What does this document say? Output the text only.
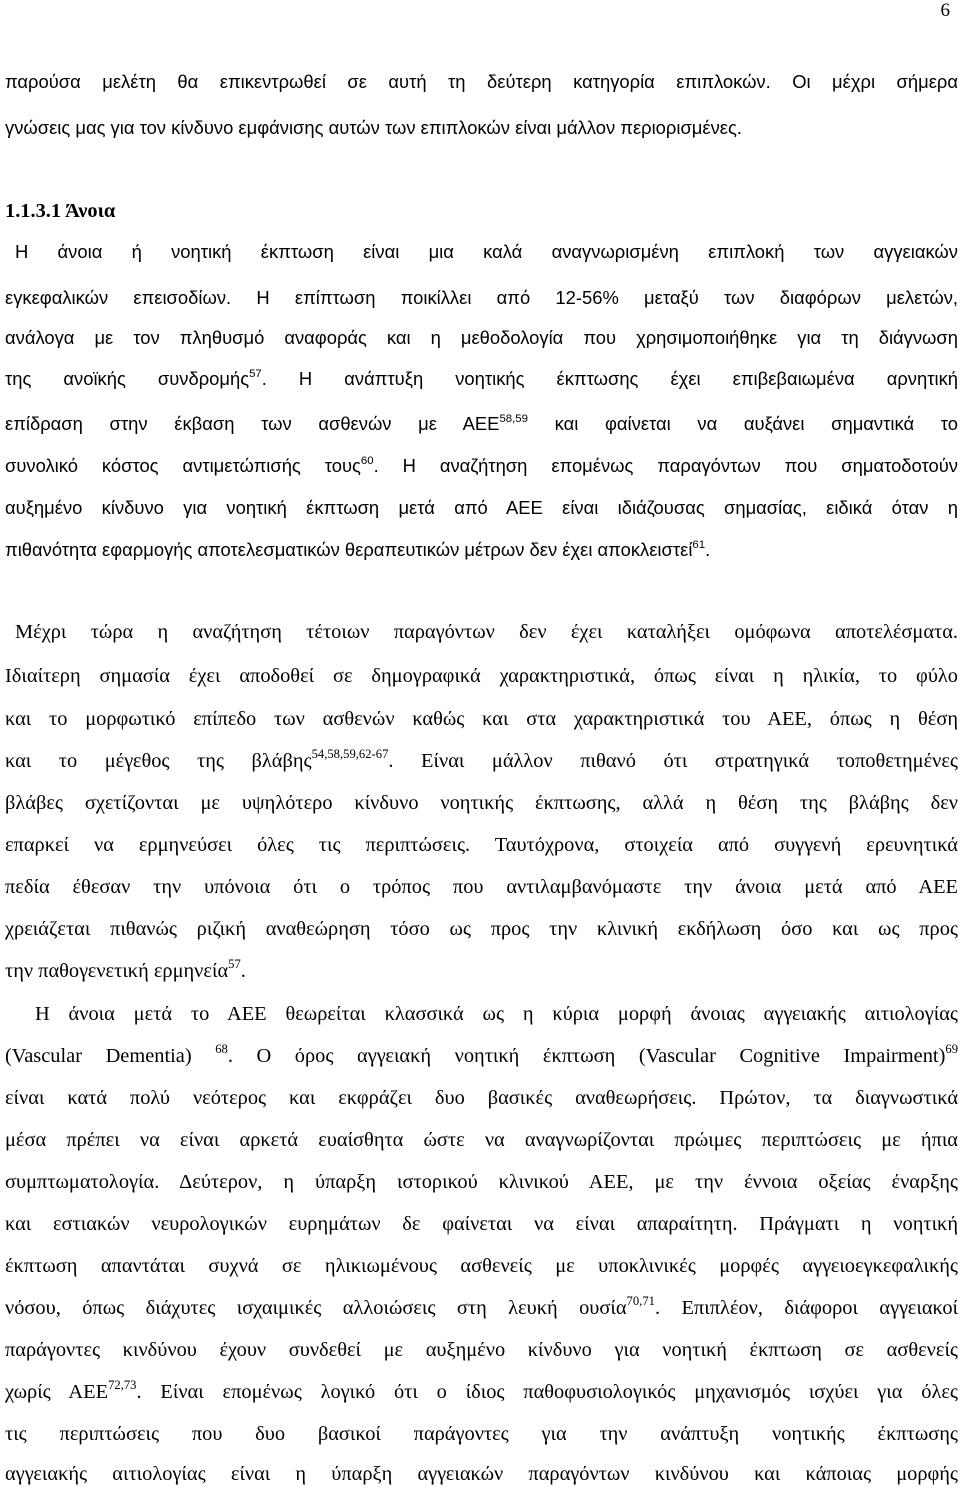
6
παρούσα μελέτη θα επικεντρωθεί σε αυτή τη δεύτερη κατηγορία επιπλοκών. Οι μέχρι σήμερα
γνώσεις μας για τον κίνδυνο εμφάνισης αυτών των επιπλοκών είναι μάλλον περιορισμένες.
1.1.3.1 Άνοια
Η άνοια ή νοητική έκπτωση είναι μια καλά αναγνωρισμένη επιπλοκή των αγγειακών
εγκεφαλικών επεισοδίων. Η επίπτωση ποικίλλει από 12-56% μεταξύ των διαφόρων μελετών,
ανάλογα με τον πληθυσμό αναφοράς και η μεθοδολογία που χρησιμοποιήθηκε για τη διάγνωση
της ανοϊκής συνδρομής$^{57}$. Η ανάπτυξη νοητικής έκπτωσης έχει επιβεβαιωμένα αρνητική
επίδραση στην έκβαση των ασθενών με ΑΕΕ$^{58,59}$ και φαίνεται να αυξάνει σημαντικά το
συνολικό κόστος αντιμετώπισής τους$^{60}$. Η αναζήτηση επομένως παραγόντων που σηματοδοτούν
αυξημένο κίνδυνο για νοητική έκπτωση μετά από ΑΕΕ είναι ιδιάζουσας σημασίας, ειδικά όταν η
πιθανότητα εφαρμογής αποτελεσματικών θεραπευτικών μέτρων δεν έχει αποκλειστεί$^{61}$.
Μέχρι τώρα η αναζήτηση τέτοιων παραγόντων δεν έχει καταλήξει ομόφωνα αποτελέσματα.
Ιδιαίτερη σημασία έχει αποδοθεί σε δημογραφικά χαρακτηριστικά, όπως είναι η ηλικία, το φύλο
και το μορφωτικό επίπεδο των ασθενών καθώς και στα χαρακτηριστικά του ΑΕΕ, όπως η θέση
και το μέγεθος της βλάβης$^{54,58,59,62-67}$. Είναι μάλλον πιθανό ότι στρατηγικά τοποθετημένες
βλάβες σχετίζονται με υψηλότερο κίνδυνο νοητικής έκπτωσης, αλλά η θέση της βλάβης δεν
επαρκεί να ερμηνεύσει όλες τις περιπτώσεις. Ταυτόχρονα, στοιχεία από συγγενή ερευνητικά
πεδία έθεσαν την υπόνοια ότι ο τρόπος που αντιλαμβανόμαστε την άνοια μετά από ΑΕΕ
χρειάζεται πιθανώς ριζική αναθεώρηση τόσο ως προς την κλινική εκδήλωση όσο και ως προς
την παθογενετική ερμηνεία$^{57}$.
Η άνοια μετά το ΑΕΕ θεωρείται κλασσικά ως η κύρια μορφή άνοιας αγγειακής αιτιολογίας
(Vascular Dementia) $^{68}$. Ο όρος αγγειακή νοητική έκπτωση (Vascular Cognitive Impairment)$^{69}$
είναι κατά πολύ νεότερος και εκφράζει δυο βασικές αναθεωρήσεις. Πρώτον, τα διαγνωστικά
μέσα πρέπει να είναι αρκετά ευαίσθητα ώστε να αναγνωρίζονται πρώιμες περιπτώσεις με ήπια
συμπτωματολογία. Δεύτερον, η ύπαρξη ιστορικού κλινικού ΑΕΕ, με την έννοια οξείας έναρξης
και εστιακών νευρολογικών ευρημάτων δε φαίνεται να είναι απαραίτητη. Πράγματι η νοητική
έκπτωση απαντάται συχνά σε ηλικιωμένους ασθενείς με υποκλινικές μορφές αγγειοεγκεφαλικής
νόσου, όπως διάχυτες ισχαιμικές αλλοιώσεις στη λευκή ουσία$^{70,71}$. Επιπλέον, διάφοροι αγγειακοί
παράγοντες κινδύνου έχουν συνδεθεί με αυξημένο κίνδυνο για νοητική έκπτωση σε ασθενείς
χωρίς ΑΕΕ$^{72,73}$. Είναι επομένως λογικό ότι ο ίδιος παθοφυσιολογικός μηχανισμός ισχύει για όλες
τις περιπτώσεις που δυο βασικοί παράγοντες για την ανάπτυξη νοητικής έκπτωσης
αγγειακής αιτιολογίας είναι η ύπαρξη αγγειακών παραγόντων κινδύνου και κάποιας μορφής
